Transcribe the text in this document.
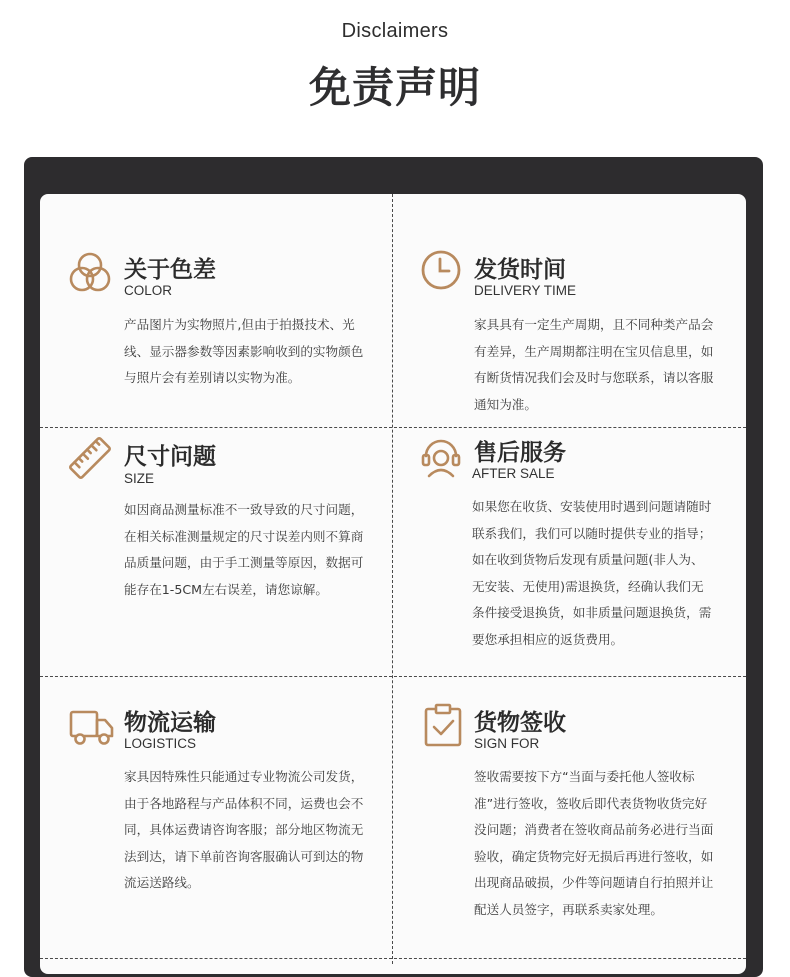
Disclaimers
免责声明
关于色差
COLOR
产品图片为实物照片,但由于拍摄技术、光线、显示器参数等因素影响收到的实物颜色与照片会有差别请以实物为准。
发货时间
DELIVERY TIME
家具具有一定生产周期，且不同种类产品会有差异，生产周期都注明在宝贝信息里，如有断货情况我们会及时与您联系，请以客服通知为准。
尺寸问题
SIZE
如因商品测量标准不一致导致的尺寸问题，在相关标准测量规定的尺寸误差内则不算商品质量问题，由于手工测量等原因，数据可能存在1-5CM左右误差，请您谅解。
售后服务
AFTER SALE
如果您在收货、安装使用时遇到问题请随时联系我们，我们可以随时提供专业的指导；如在收到货物后发现有质量问题(非人为、无安装、无使用)需退换货，经确认我们无条件接受退换货，如非质量问题退换货，需要您承担相应的返货费用。
物流运输
LOGISTICS
家具因特殊性只能通过专业物流公司发货，由于各地路程与产品体积不同，运费也会不同，具体运费请咨询客服；部分地区物流无法到达，请下单前咨询客服确认可到达的物流运送路线。
货物签收
SIGN FOR
签收需要按下方“当面与委托他人签收标准”进行签收，签收后即代表货物收货完好没问题；消费者在签收商品前务必进行当面验收，确定货物完好无损后再进行签收，如出现商品破损，少件等问题请自行拍照并让配送人员签字，再联系卖家处理。
